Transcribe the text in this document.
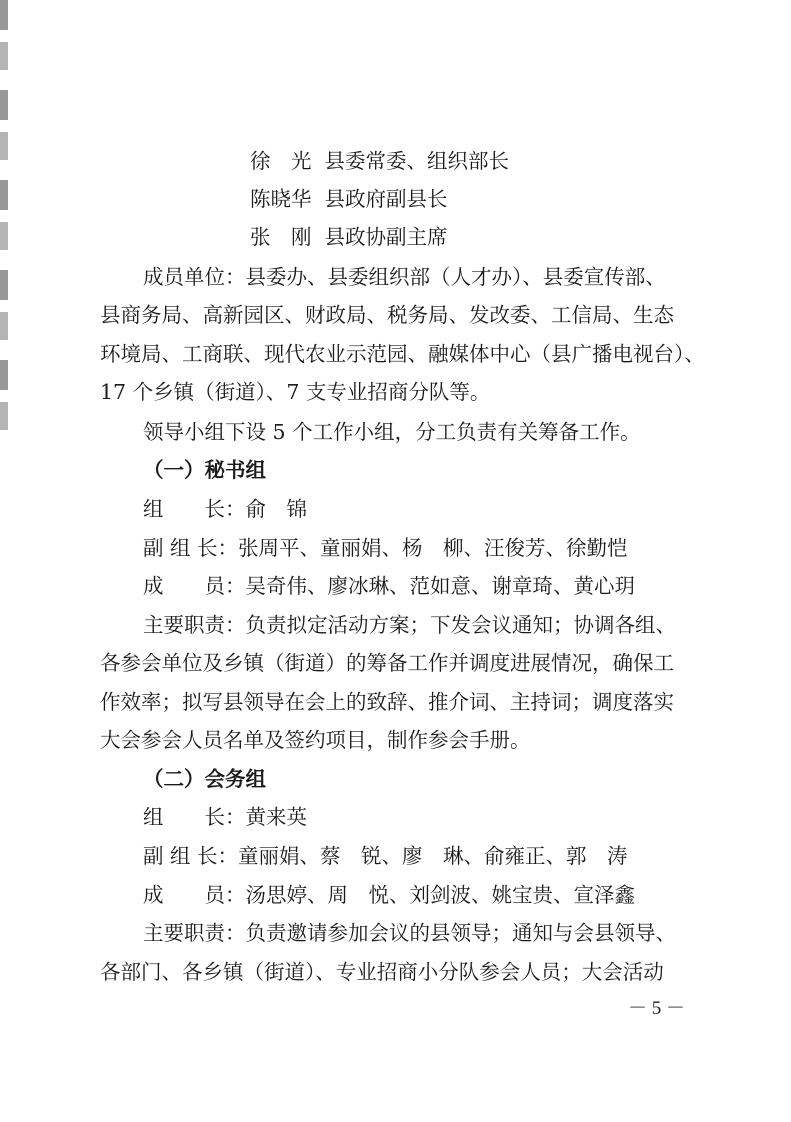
徐　光 县委常委、组织部长
陈晓华 县政府副县长
张　刚 县政协副主席
成员单位：县委办、县委组织部（人才办）、县委宣传部、
县商务局、高新园区、财政局、税务局、发改委、工信局、生态
环境局、工商联、现代农业示范园、融媒体中心（县广播电视台）、
17 个乡镇（街道）、7 支专业招商分队等。
领导小组下设 5 个工作小组，分工负责有关筹备工作。
（一）秘书组
组　　长：俞　锦
副 组 长：张周平、童丽娟、杨　柳、汪俊芳、徐勤恺
成　　员：吴奇伟、廖冰琳、范如意、谢章琦、黄心玥
主要职责：负责拟定活动方案；下发会议通知；协调各组、
各参会单位及乡镇（街道）的筹备工作并调度进展情况，确保工
作效率；拟写县领导在会上的致辞、推介词、主持词；调度落实
大会参会人员名单及签约项目，制作参会手册。
（二）会务组
组　　长：黄来英
副 组 长：童丽娟、蔡　锐、廖　琳、俞雍正、郭　涛
成　　员：汤思婷、周　悦、刘剑波、姚宝贵、宣泽鑫
主要职责：负责邀请参加会议的县领导；通知与会县领导、
各部门、各乡镇（街道）、专业招商小分队参会人员；大会活动
－ 5 －
